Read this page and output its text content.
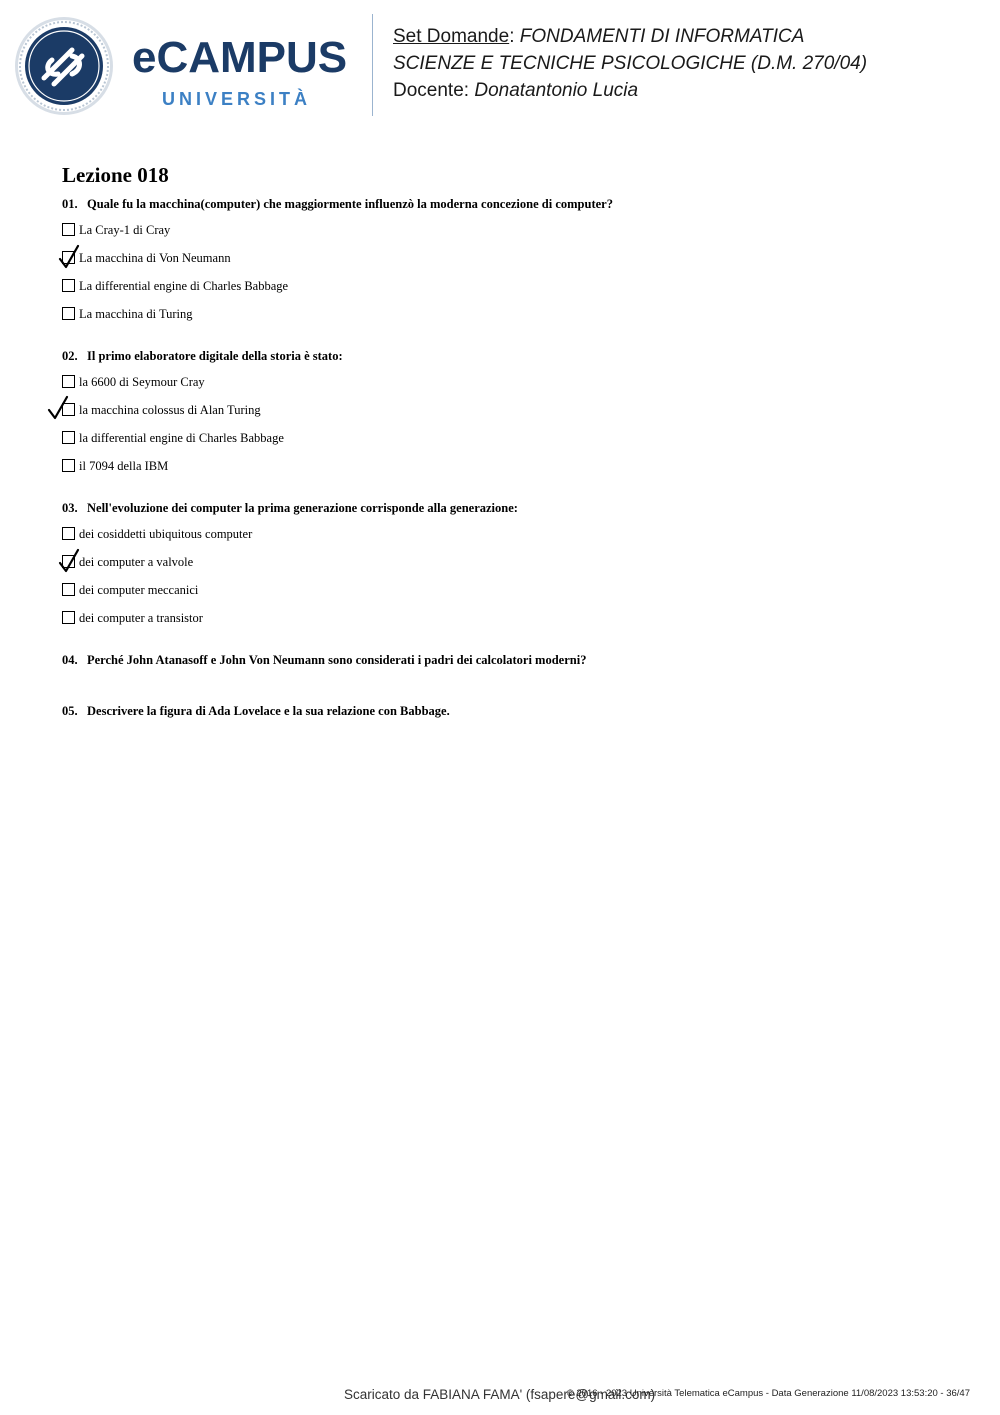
eCAMPUS
UNIVERSITÀ
Set Domande: FONDAMENTI DI INFORMATICA
SCIENZE E TECNICHE PSICOLOGICHE (D.M. 270/04)
Docente: Donatantonio Lucia
Lezione 018

01. Quale fu la macchina(computer) che maggiormente influenzò la moderna concezione di computer?

La Cray-1 di Cray
La macchina di Von Neumann
La differential engine di Charles Babbage
La macchina di Turing

02. Il primo elaboratore digitale della storia è stato:

la 6600 di Seymour Cray
la macchina colossus di Alan Turing
la differential engine di Charles Babbage
il 7094 della IBM

03. Nell'evoluzione dei computer la prima generazione corrisponde alla generazione:

dei cosiddetti ubiquitous computer
dei computer a valvole
dei computer meccanici
dei computer a transistor

04. Perché John Atanasoff e John Von Neumann sono considerati i padri dei calcolatori moderni?

05. Descrivere la figura di Ada Lovelace e la sua relazione con Babbage.

Scaricato da FABIANA FAMA' (fsapere@gmail.com)
© 2016 - 2023 Università Telematica eCampus - Data Generazione 11/08/2023 13:53:20 - 36/47
